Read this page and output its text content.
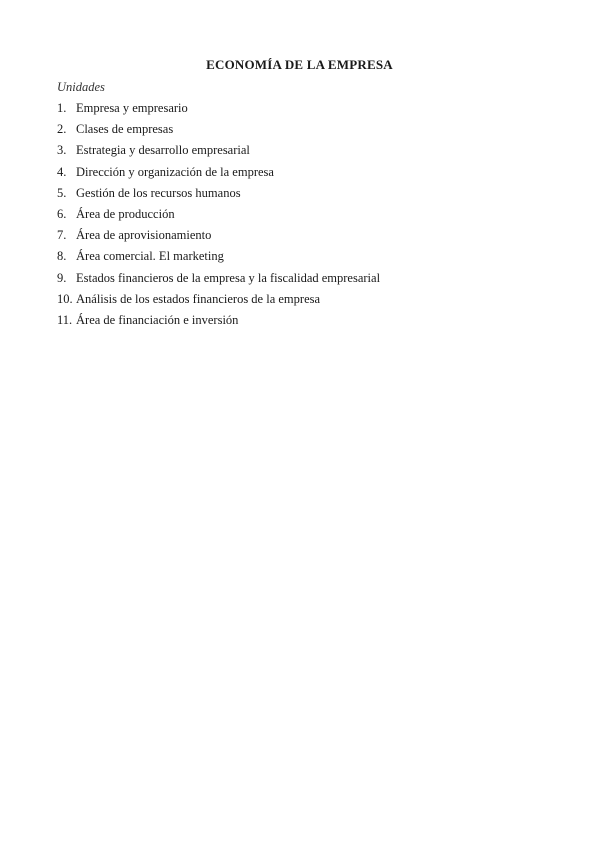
ECONOMÍA DE LA EMPRESA
Unidades
1. Empresa y empresario
2. Clases de empresas
3. Estrategia y desarrollo empresarial
4. Dirección y organización de la empresa
5. Gestión de los recursos humanos
6. Área de producción
7. Área de aprovisionamiento
8. Área comercial. El marketing
9. Estados financieros de la empresa y la fiscalidad empresarial
10. Análisis de los estados financieros de la empresa
11. Área de financiación e inversión
